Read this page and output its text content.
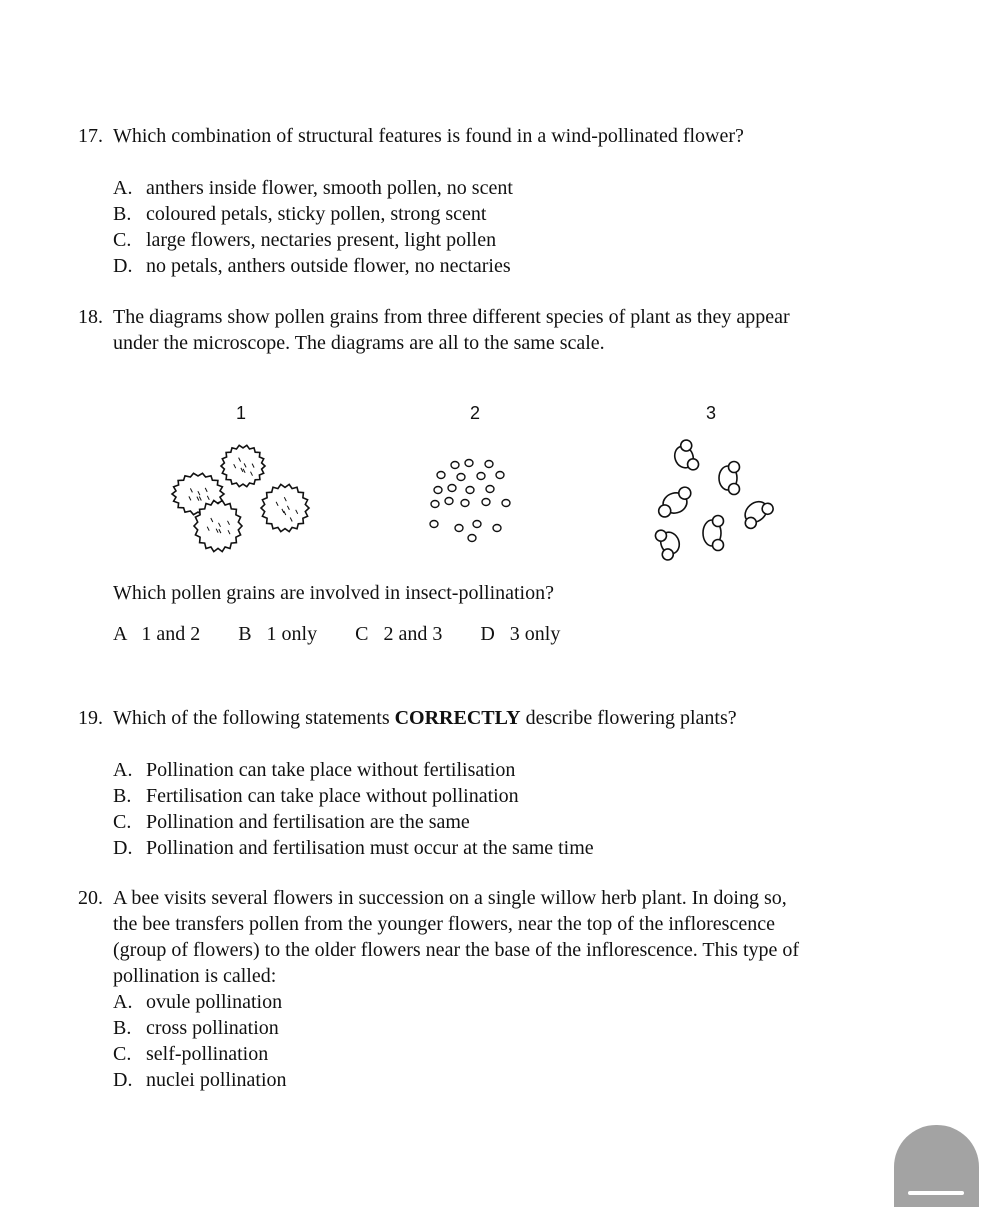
17. Which combination of structural features is found in a wind-pollinated flower?
A. anthers inside flower, smooth pollen, no scent
B. coloured petals, sticky pollen, strong scent
C. large flowers, nectaries present, light pollen
D. no petals, anthers outside flower, no nectaries
18. The diagrams show pollen grains from three different species of plant as they appear
under the microscope. The diagrams are all to the same scale.
1	2	3
Which pollen grains are involved in insect-pollination?
A   1 and 2 B   1 only C   2 and 3 D   3 only
19. Which of the following statements CORRECTLY describe flowering plants?
A. Pollination can take place without fertilisation
B. Fertilisation can take place without pollination
C. Pollination and fertilisation are the same
D. Pollination and fertilisation must occur at the same time
20. A bee visits several flowers in succession on a single willow herb plant. In doing so,
the bee transfers pollen from the younger flowers, near the top of the inflorescence
(group of flowers) to the older flowers near the base of the inflorescence. This type of
pollination is called:
A. ovule pollination
B. cross pollination
C. self-pollination
D. nuclei pollination
